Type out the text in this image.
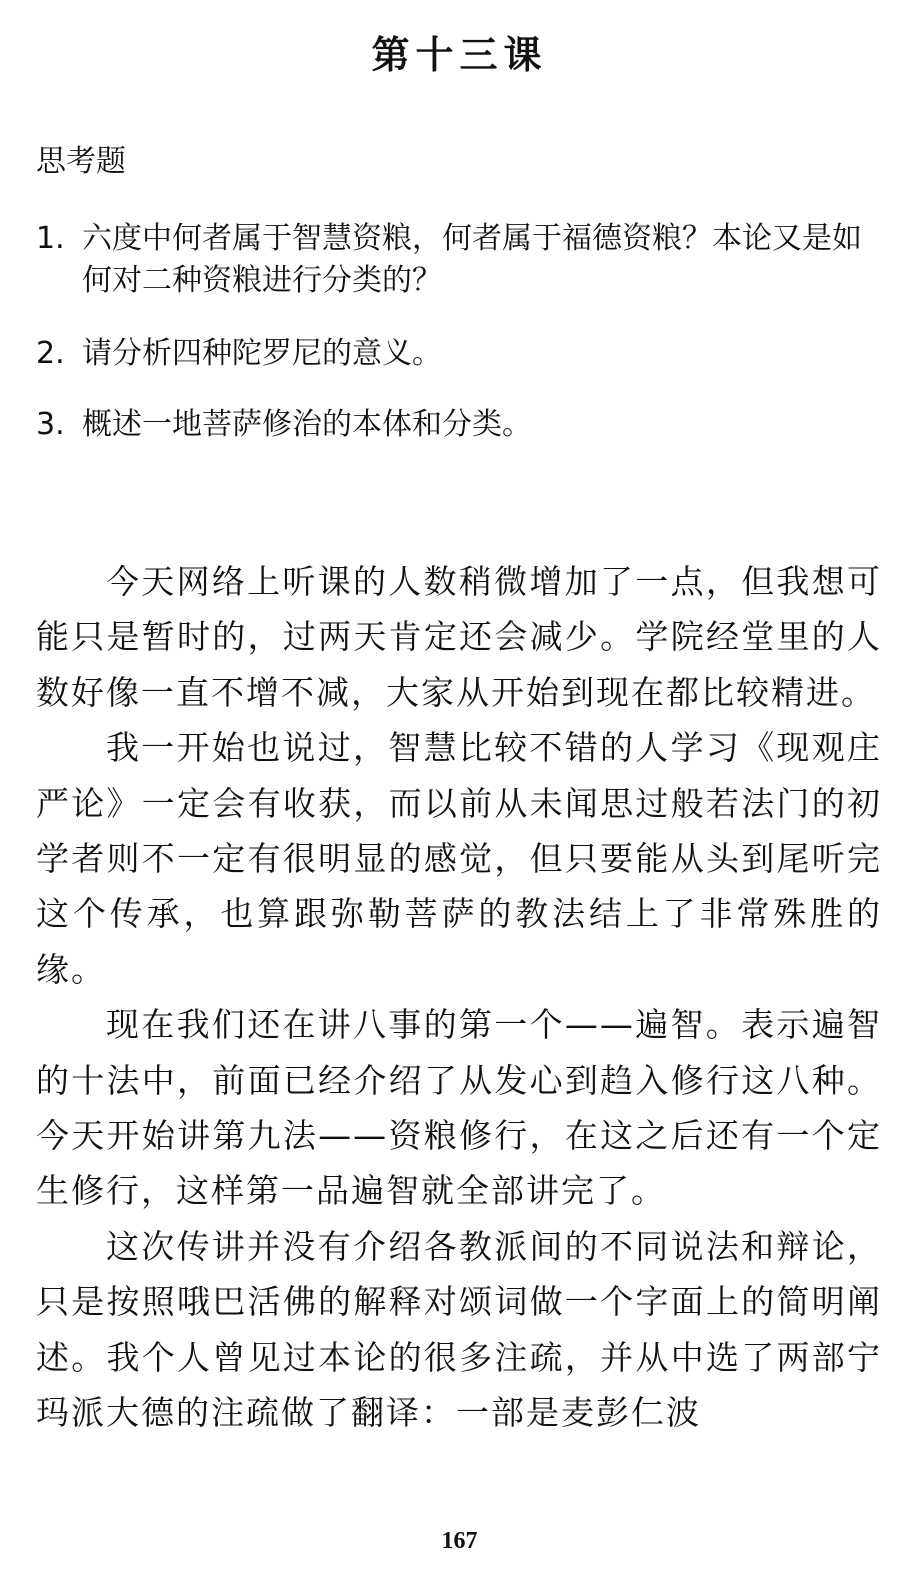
第十三课
思考题
1. 六度中何者属于智慧资粮，何者属于福德资粮？本论又是如何对二种资粮进行分类的？
2. 请分析四种陀罗尼的意义。
3. 概述一地菩萨修治的本体和分类。

今天网络上听课的人数稍微增加了一点，但我想可能只是暂时的，过两天肯定还会减少。学院经堂里的人数好像一直不增不减，大家从开始到现在都比较精进。

我一开始也说过，智慧比较不错的人学习《现观庄严论》一定会有收获，而以前从未闻思过般若法门的初学者则不一定有很明显的感觉，但只要能从头到尾听完这个传承，也算跟弥勒菩萨的教法结上了非常殊胜的缘。

现在我们还在讲八事的第一个——遍智。表示遍智的十法中，前面已经介绍了从发心到趋入修行这八种。今天开始讲第九法——资粮修行，在这之后还有一个定生修行，这样第一品遍智就全部讲完了。

这次传讲并没有介绍各教派间的不同说法和辩论，只是按照哦巴活佛的解释对颂词做一个字面上的简明阐述。我个人曾见过本论的很多注疏，并从中选了两部宁玛派大德的注疏做了翻译：一部是麦彭仁波

167
